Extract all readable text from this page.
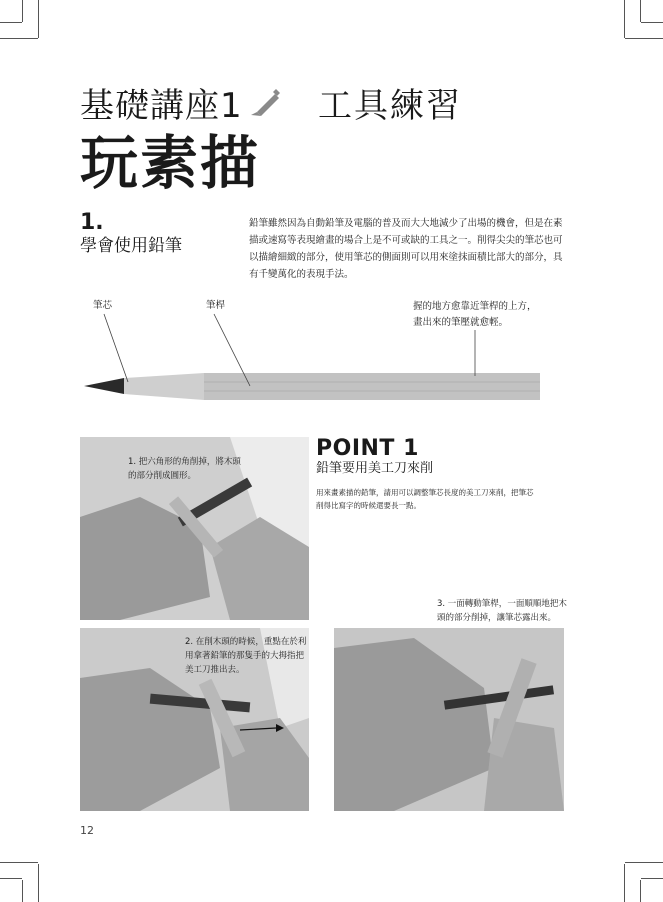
基礎講座1 工具練習
玩素描
1.
學會使用鉛筆
鉛筆雖然因為自動鉛筆及電腦的普及而大大地減少了出場的機會，但是在素
描或速寫等表現繪畫的場合上是不可或缺的工具之一。削得尖尖的筆芯也可
以描繪細緻的部分，使用筆芯的側面則可以用來塗抹面積比部大的部分，具
有千變萬化的表現手法。
筆芯	筆桿	握的地方愈靠近筆桿的上方，
畫出來的筆壓就愈輕。
1. 把六角形的角削掉，將木頭
的部分削成圓形。
POINT 1
鉛筆要用美工刀來削
用來畫素描的鉛筆，請用可以調整筆芯長度的美工刀來削，把筆芯
削得比寫字的時候還要長一點。
2. 在削木頭的時候，重點在於利
用拿著鉛筆的那隻手的大拇指把
美工刀推出去。
3. 一面轉動筆桿，一面順順地把木
頭的部分削掉，讓筆芯露出來。
12
